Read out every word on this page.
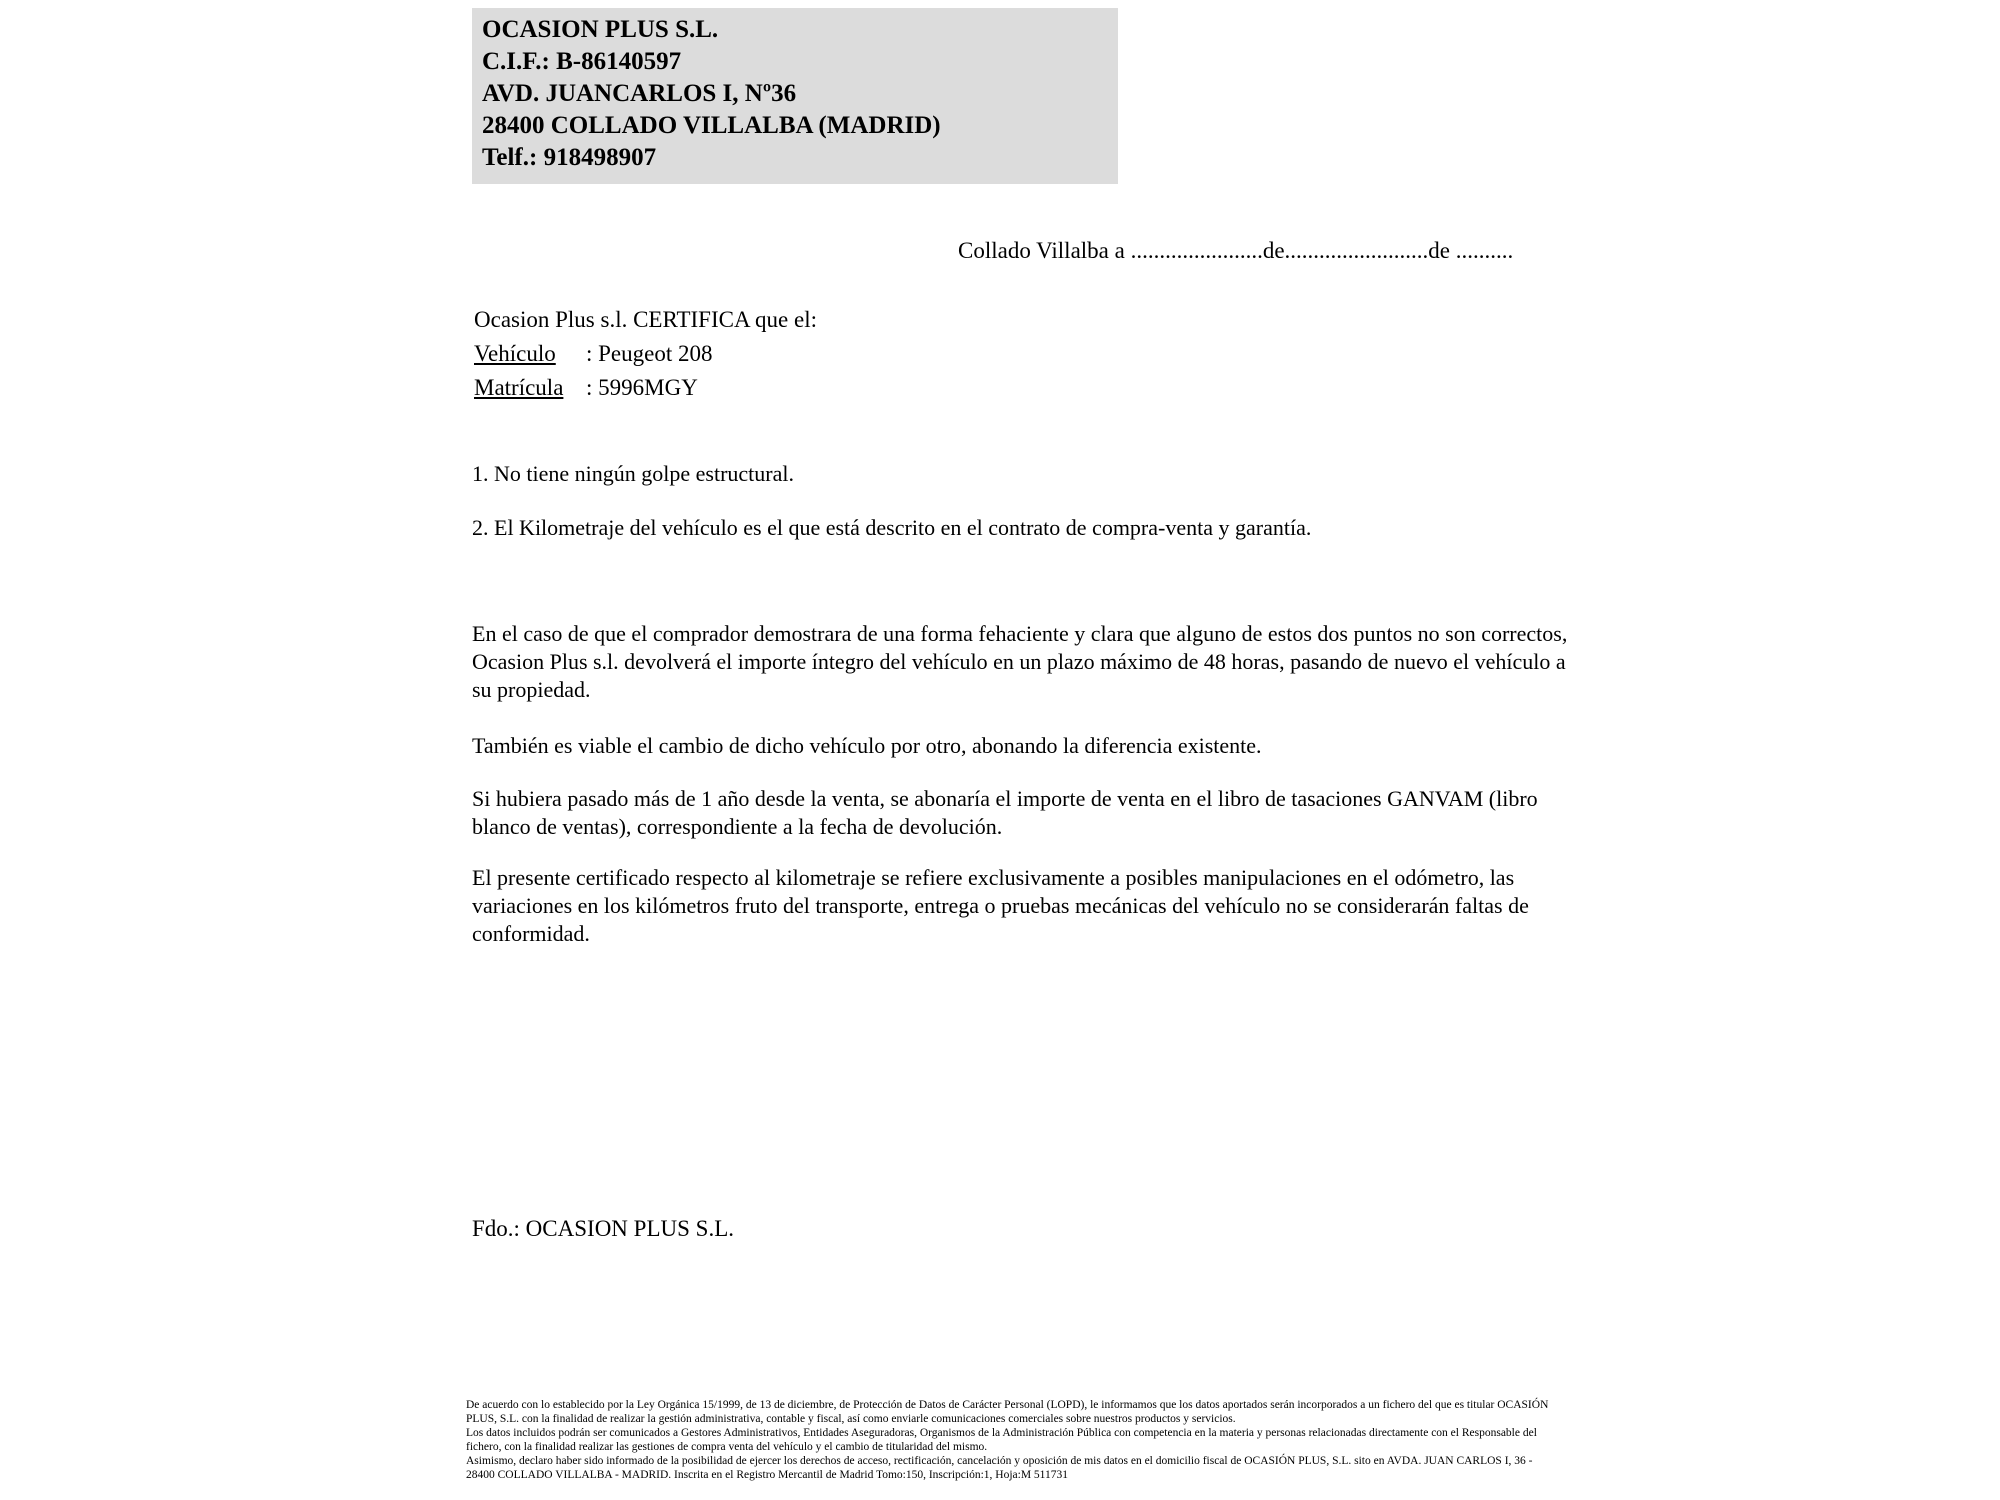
OCASION PLUS S.L.
C.I.F.: B-86140597
AVD. JUANCARLOS I, Nº36
28400 COLLADO VILLALBA (MADRID)
Telf.: 918498907
Collado Villalba a .......................de.........................de ..........
Ocasion Plus s.l. CERTIFICA que el:
Vehículo : Peugeot 208
Matrícula : 5996MGY
1. No tiene ningún golpe estructural.
2. El Kilometraje del vehículo es el que está descrito en el contrato de compra-venta y garantía.
En el caso de que el comprador demostrara de una forma fehaciente y clara que alguno de estos dos puntos no son correctos, Ocasion Plus s.l. devolverá el importe íntegro del vehículo en un plazo máximo de 48 horas, pasando de nuevo el vehículo a su propiedad.
También es viable el cambio de dicho vehículo por otro, abonando la diferencia existente.
Si hubiera pasado más de 1 año desde la venta, se abonaría el importe de venta en el libro de tasaciones GANVAM (libro blanco de ventas), correspondiente a la fecha de devolución.
El presente certificado respecto al kilometraje se refiere exclusivamente a posibles manipulaciones en el odómetro, las variaciones en los kilómetros fruto del transporte, entrega o pruebas mecánicas del vehículo no se considerarán faltas de conformidad.
Fdo.: OCASION PLUS S.L.

De acuerdo con lo establecido por la Ley Orgánica 15/1999, de 13 de diciembre, de Protección de Datos de Carácter Personal (LOPD), le informamos que los datos aportados serán incorporados a un fichero del que es titular OCASIÓN PLUS, S.L. con la finalidad de realizar la gestión administrativa, contable y fiscal, así como enviarle comunicaciones comerciales sobre nuestros productos y servicios.

Los datos incluidos podrán ser comunicados a Gestores Administrativos, Entidades Aseguradoras, Organismos de la Administración Pública con competencia en la materia y personas relacionadas directamente con el Responsable del fichero, con la finalidad realizar las gestiones de compra venta del vehículo y el cambio de titularidad del mismo.

Asimismo, declaro haber sido informado de la posibilidad de ejercer los derechos de acceso, rectificación, cancelación y oposición de mis datos en el domicilio fiscal de OCASIÓN PLUS, S.L. sito en AVDA. JUAN CARLOS I, 36 - 28400 COLLADO VILLALBA - MADRID. Inscrita en el Registro Mercantil de Madrid Tomo:150, Inscripción:1, Hoja:M 511731
